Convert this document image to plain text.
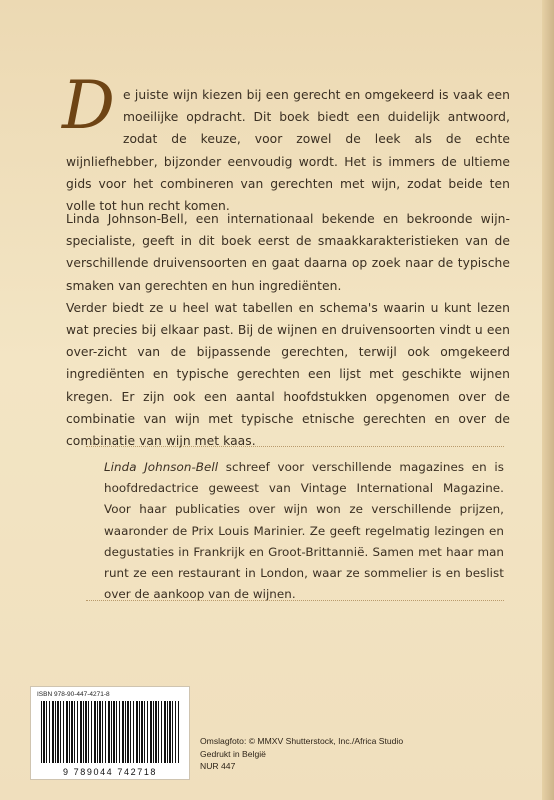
De juiste wijn kiezen bij een gerecht en omgekeerd is vaak een moeilijke opdracht. Dit boek biedt een duidelijk antwoord, zodat de keuze, voor zowel de leek als de echte wijnliefhebber, bijzonder eenvoudig wordt. Het is immers de ultieme gids voor het combineren van gerechten met wijn, zodat beide ten volle tot hun recht komen.

Linda Johnson-Bell, een internationaal bekende en bekroonde wijn-specialiste, geeft in dit boek eerst de smaakkarakteristieken van de verschillende druivensoorten en gaat daarna op zoek naar de typische smaken van gerechten en hun ingrediënten.

Verder biedt ze u heel wat tabellen en schema's waarin u kunt lezen wat precies bij elkaar past. Bij de wijnen en druivensoorten vindt u een over-zicht van de bijpassende gerechten, terwijl ook omgekeerd ingrediënten en typische gerechten een lijst met geschikte wijnen kregen. Er zijn ook een aantal hoofdstukken opgenomen over de combinatie van wijn met typische etnische gerechten en over de combinatie van wijn met kaas.

Linda Johnson-Bell schreef voor verschillende magazines en is hoofdredactrice geweest van Vintage International Magazine. Voor haar publicaties over wijn won ze verschillende prijzen, waaronder de Prix Louis Marinier. Ze geeft regelmatig lezingen en degustaties in Frankrijk en Groot-Brittannië. Samen met haar man runt ze een restaurant in London, waar ze sommelier is en beslist over de aankoop van de wijnen.
ISBN 978-90-447-4271-8
9 789044 742718
Omslagfoto: © MMXV Shutterstock, Inc./Africa Studio
Gedrukt in België
NUR 447
